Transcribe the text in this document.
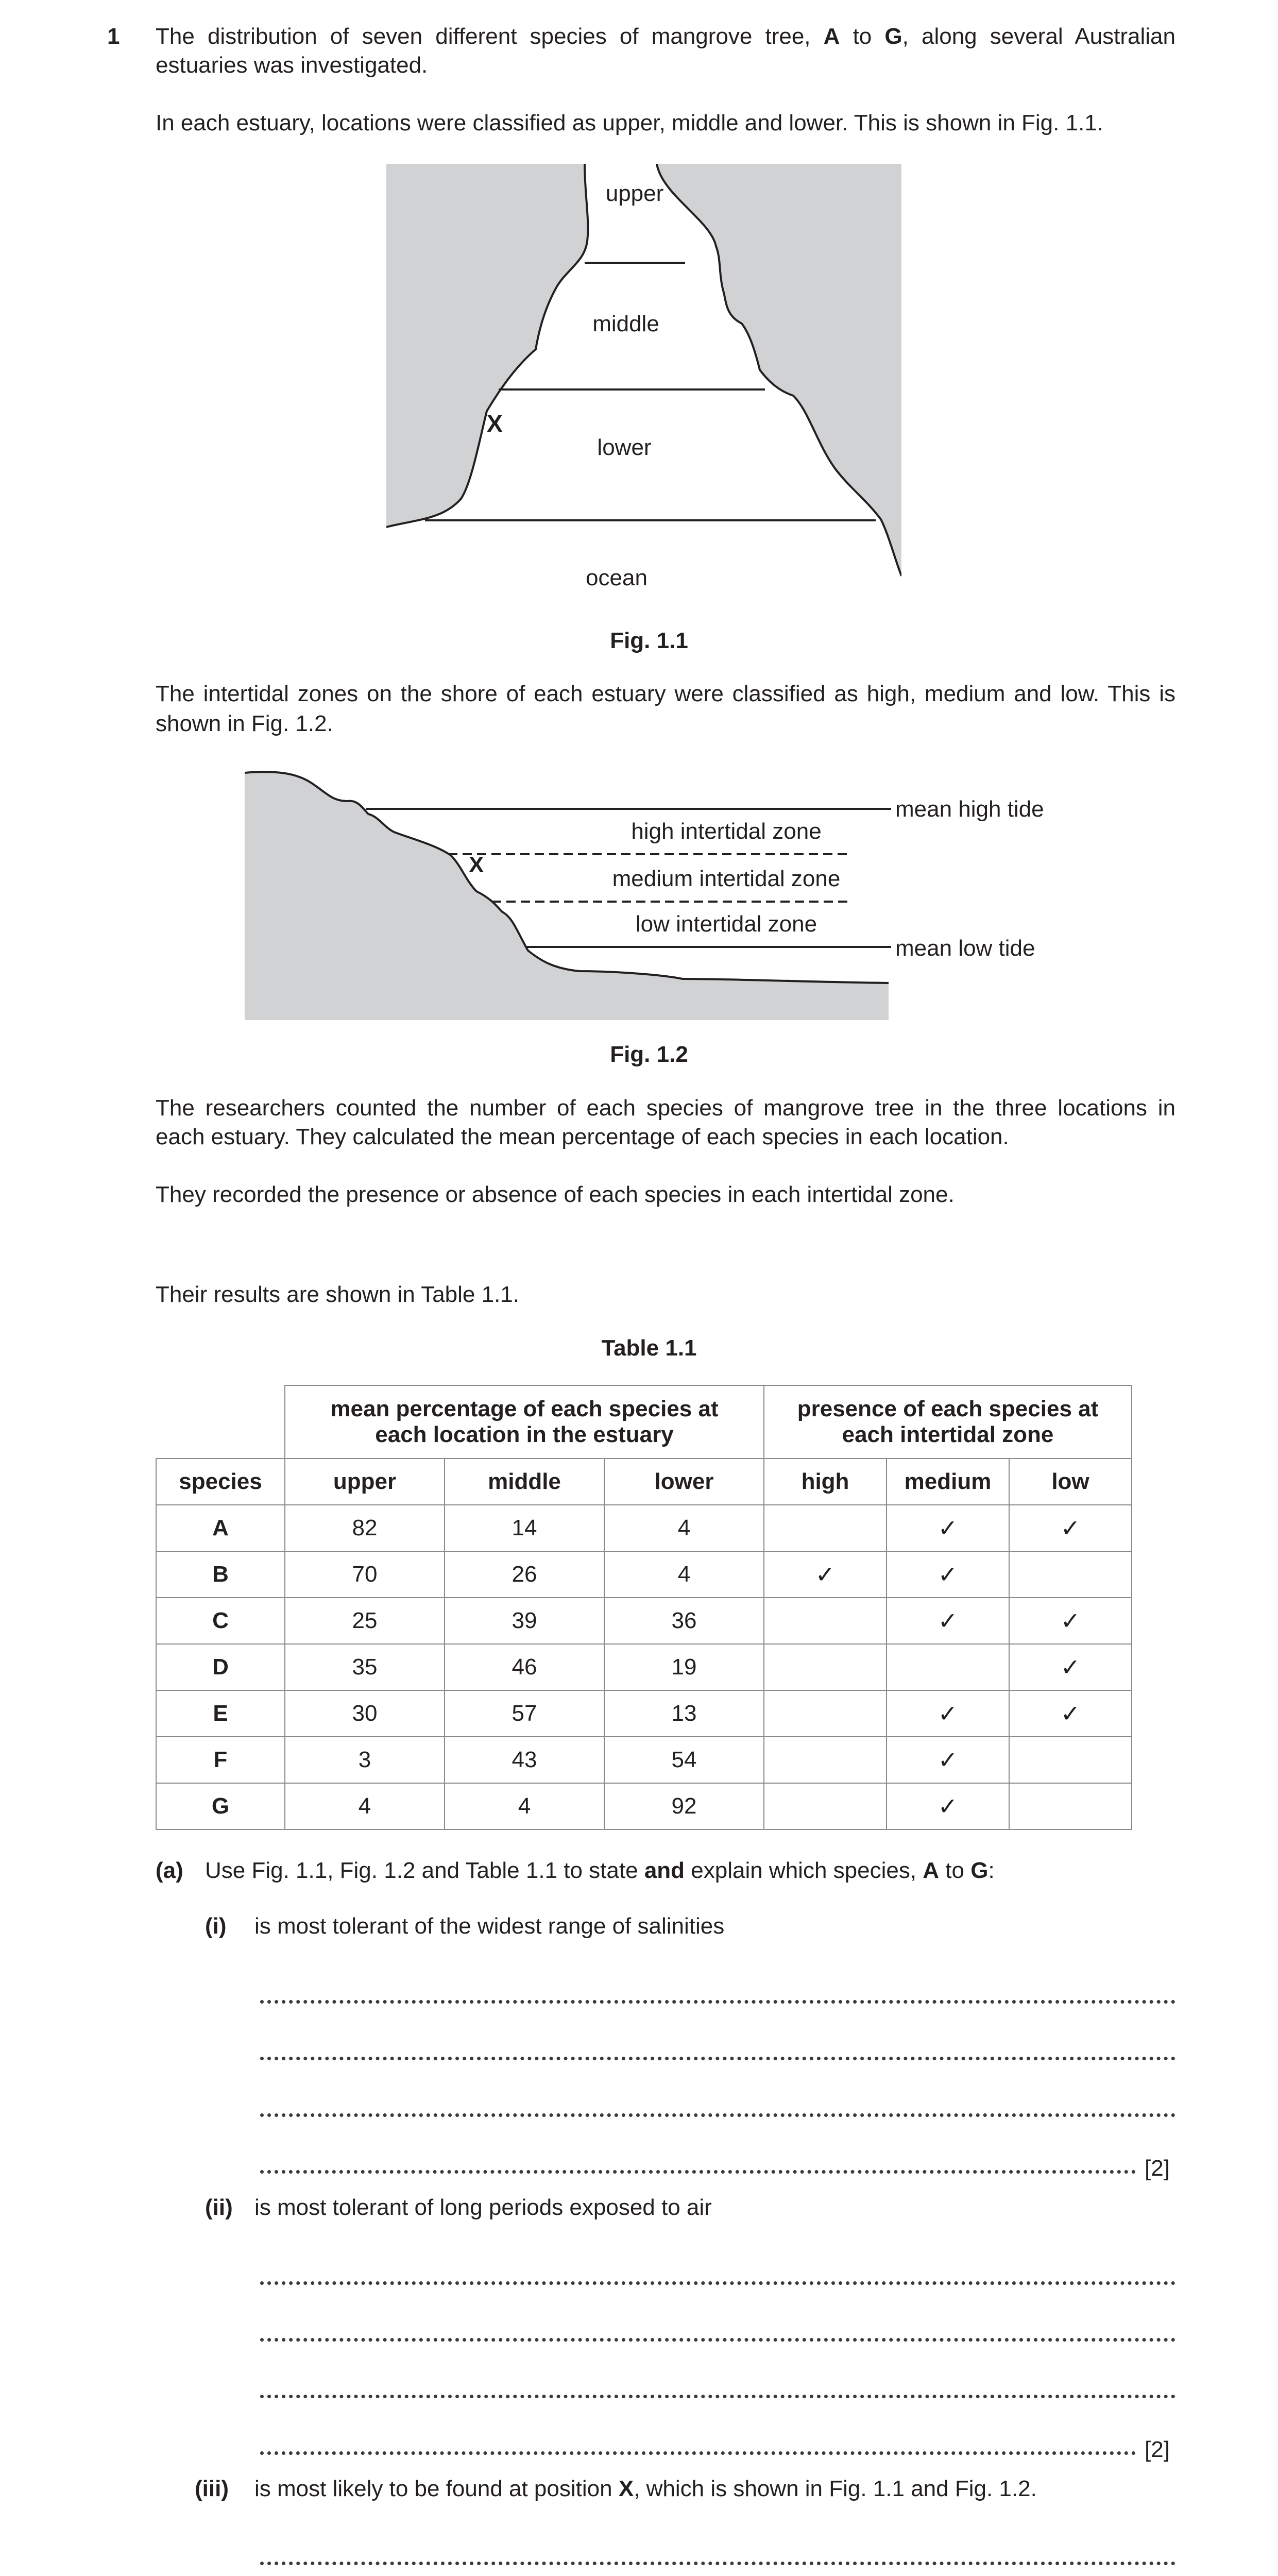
1 The distribution of seven different species of mangrove tree, A to G, along several Australian
estuaries was investigated.
In each estuary, locations were classified as upper, middle and lower. This is shown in Fig. 1.1.
upper
middle
lower
ocean
X
Fig. 1.1
The intertidal zones on the shore of each estuary were classified as high, medium and low. This is
shown in Fig. 1.2.
mean high tide
high intertidal zone
medium intertidal zone
low intertidal zone
mean low tide
X
Fig. 1.2
The researchers counted the number of each species of mangrove tree in the three locations in
each estuary. They calculated the mean percentage of each species in each location.
They recorded the presence or absence of each species in each intertidal zone.
Their results are shown in Table 1.1.
Table 1.1
	mean percentage of each species at
each location in the estuary			presence of each species at
each intertidal zone		
species	upper	middle	lower	high	medium	low
A	82	14	4		✓	✓
B	70	26	4	✓	✓	
C	25	39	36		✓	✓
D	35	46	19			✓
E	30	57	13		✓	✓
F	3	43	54		✓	
G	4	4	92		✓	
(a) Use Fig. 1.1, Fig. 1.2 and Table 1.1 to state and explain which species, A to G:
(i) is most tolerant of the widest range of salinities
[2]
(ii) is most tolerant of long periods exposed to air
[2]
(iii) is most likely to be found at position X, which is shown in Fig. 1.1 and Fig. 1.2.
